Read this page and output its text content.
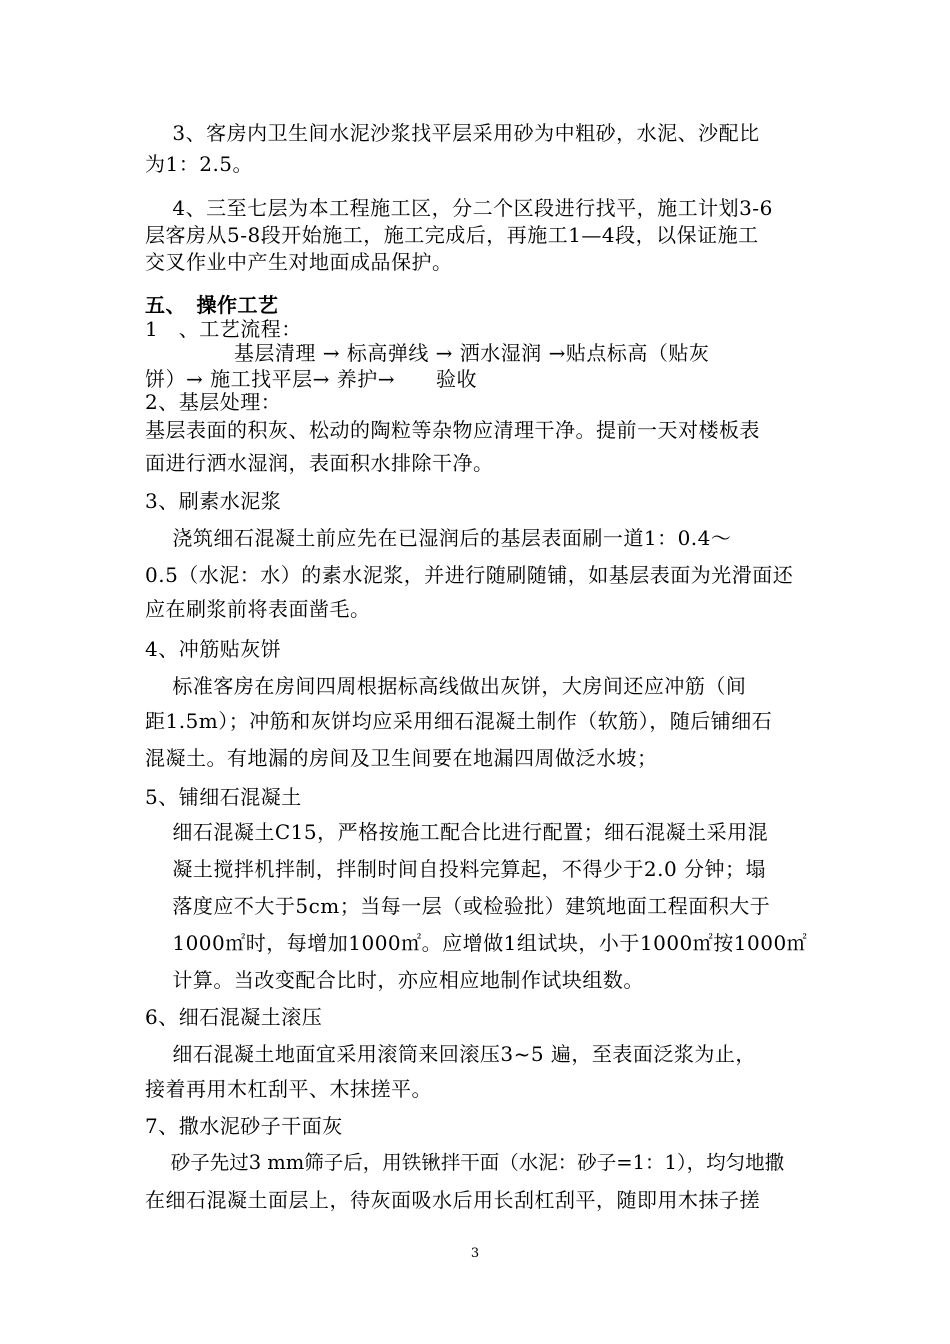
　 3、客房内卫生间水泥沙浆找平层采用砂为中粗砂，水泥、沙配比
为1：2.5。
　 4、三至七层为本工程施工区，分二个区段进行找平，施工计划3-6
层客房从5-8段开始施工，施工完成后，再施工1—4段，以保证施工
交叉作业中产生对地面成品保护。
五、　操作工艺
1　、工艺流程：
　　　　 基层清理 → 标高弹线 → 洒水湿润 →贴点标高（贴灰
饼）→ 施工找平层→ 养护→　　验收
2、基层处理：
基层表面的积灰、松动的陶粒等杂物应清理干净。提前一天对楼板表
面进行洒水湿润，表面积水排除干净。
3、刷素水泥浆
　 浇筑细石混凝土前应先在已湿润后的基层表面刷一道1：0.4～
0.5（水泥：水）的素水泥浆，并进行随刷随铺，如基层表面为光滑面还
应在刷浆前将表面凿毛。
4、冲筋贴灰饼
　 标准客房在房间四周根据标高线做出灰饼，大房间还应冲筋（间
距1.5m）；冲筋和灰饼均应采用细石混凝土制作（软筋），随后铺细石
混凝土。有地漏的房间及卫生间要在地漏四周做泛水坡；
5、铺细石混凝土
　 细石混凝土C15，严格按施工配合比进行配置；细石混凝土采用混
　 凝土搅拌机拌制，拌制时间自投料完算起，不得少于2.0 分钟；塌
　 落度应不大于5cm；当每一层（或检验批）建筑地面工程面积大于
　 1000㎡时，每增加1000㎡。应增做1组试块，小于1000㎡按1000㎡
　 计算。当改变配合比时，亦应相应地制作试块组数。
6、细石混凝土滚压
　 细石混凝土地面宜采用滚筒来回滚压3~5 遍，至表面泛浆为止，
接着再用木杠刮平、木抹搓平。
7、撒水泥砂子干面灰
　 砂子先过3 mm筛子后，用铁锹拌干面（水泥：砂子=1：1），均匀地撒
在细石混凝土面层上，待灰面吸水后用长刮杠刮平，随即用木抹子搓
3
